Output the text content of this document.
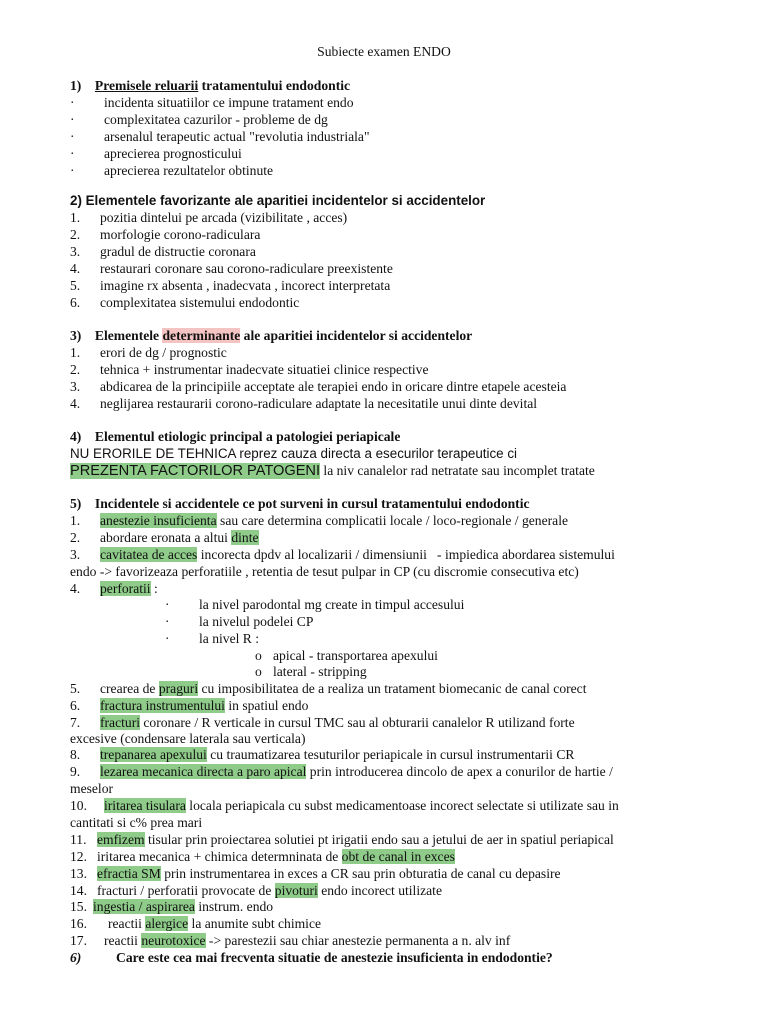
Subiecte examen ENDO
1) Premisele reluarii tratamentului endodontic
· incidenta situatiilor ce impune tratament endo
· complexitatea cazurilor - probleme de dg
· arsenalul terapeutic actual "revolutia industriala"
· aprecierea prognosticului
· aprecierea rezultatelor obtinute
2) Elementele favorizante ale aparitiei incidentelor si accidentelor
1. pozitia dintelui pe arcada (vizibilitate , acces)
2. morfologie corono-radiculara
3. gradul de distructie coronara
4. restaurari coronare sau corono-radiculare preexistente
5. imagine rx absenta , inadecvata , incorect interpretata
6. complexitatea sistemului endodontic
3)    Elementele determinante ale aparitiei incidentelor si accidentelor
1. erori de dg / prognostic
2. tehnica + instrumentar inadecvate situatiei clinice respective
3. abdicarea de la principiile acceptate ale terapiei endo in oricare dintre etapele acesteia
4. neglijarea restaurarii corono-radiculare adaptate la necesitatile unui dinte devital
4)    Elementul etiologic principal a patologiei periapicale
NU ERORILE DE TEHNICA reprez cauza directa a esecurilor terapeutice ci
PREZENTA FACTORILOR PATOGENI la niv canalelor rad netratate sau incomplet tratate
5)    Incidentele si accidentele ce pot surveni in cursul tratamentului endodontic
1. anestezie insuficienta sau care determina complicatii locale / loco-regionale / generale
2. abordare eronata a altui dinte
3. cavitatea de acces incorecta dpdv al localizarii / dimensiunii   - impiedica abordarea sistemului
endo -> favorizeaza perforatiile , retentia de tesut pulpar in CP (cu discromie consecutiva etc)
4. perforatii :
· la nivel parodontal mg create in timpul accesului
· la nivelul podelei CP
· la nivel R :
o apical - transportarea apexului
o lateral - stripping
5. crearea de praguri cu imposibilitatea de a realiza un tratament biomecanic de canal corect
6. fractura instrumentului in spatiul endo
7. fracturi coronare / R verticale in cursul TMC sau al obturarii canalelor R utilizand forte
excesive (condensare laterala sau verticala)
8. trepanarea apexului cu traumatizarea tesuturilor periapicale in cursul instrumentarii CR
9. lezarea mecanica directa a paro apical prin introducerea dincolo de apex a conurilor de hartie /
meselor
10. iritarea tisulara locala periapicala cu subst medicamentoase incorect selectate si utilizate sau in
cantitati si c% prea mari
11. emfizem tisular prin proiectarea solutiei pt irigatii endo sau a jetului de aer in spatiul periapical
12. iritarea mecanica + chimica determninata de obt de canal in exces
13. efractia SM prin instrumentarea in exces a CR sau prin obturatia de canal cu depasire
14. fracturi / perforatii provocate de pivoturi endo incorect utilizate
15. ingestia / aspirarea instrum. endo
16. reactii alergice la anumite subt chimice
17. reactii neurotoxice -> parestezii sau chiar anestezie permanenta a n. alv inf
6)	Care este cea mai frecventa situatie de anestezie insuficienta in endodontie?
